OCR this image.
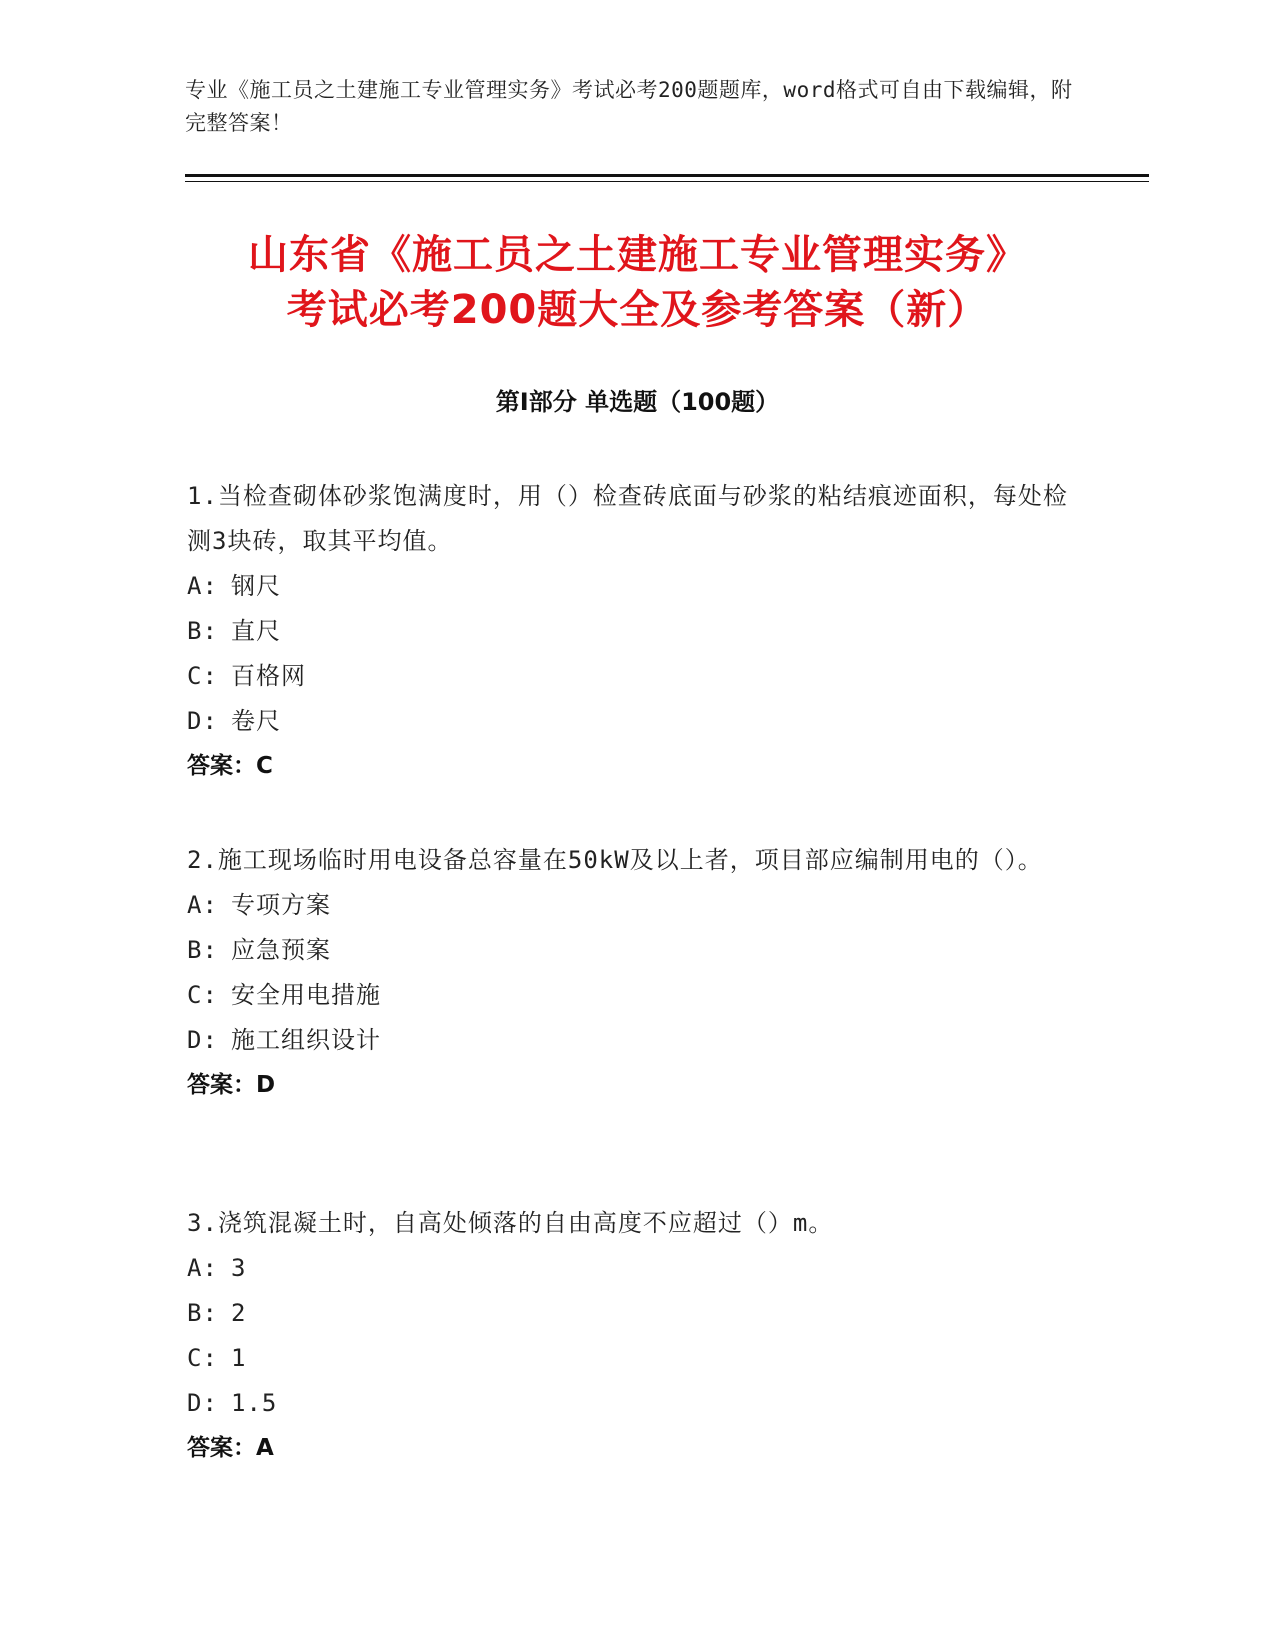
专业《施工员之土建施工专业管理实务》考试必考200题题库，word格式可自由下载编辑，附完整答案！
山东省《施工员之土建施工专业管理实务》
考试必考200题大全及参考答案（新）
第Ⅰ部分 单选题（100题）
1.当检查砌体砂浆饱满度时，用（）检查砖底面与砂浆的粘结痕迹面积，每处检测3块砖，取其平均值。
A: 钢尺
B: 直尺
C: 百格网
D: 卷尺
答案：C
2.施工现场临时用电设备总容量在50kW及以上者，项目部应编制用电的（）。
A: 专项方案
B: 应急预案
C: 安全用电措施
D: 施工组织设计
答案：D
3.浇筑混凝土时，自高处倾落的自由高度不应超过（）m。
A: 3
B: 2
C: 1
D: 1.5
答案：A
